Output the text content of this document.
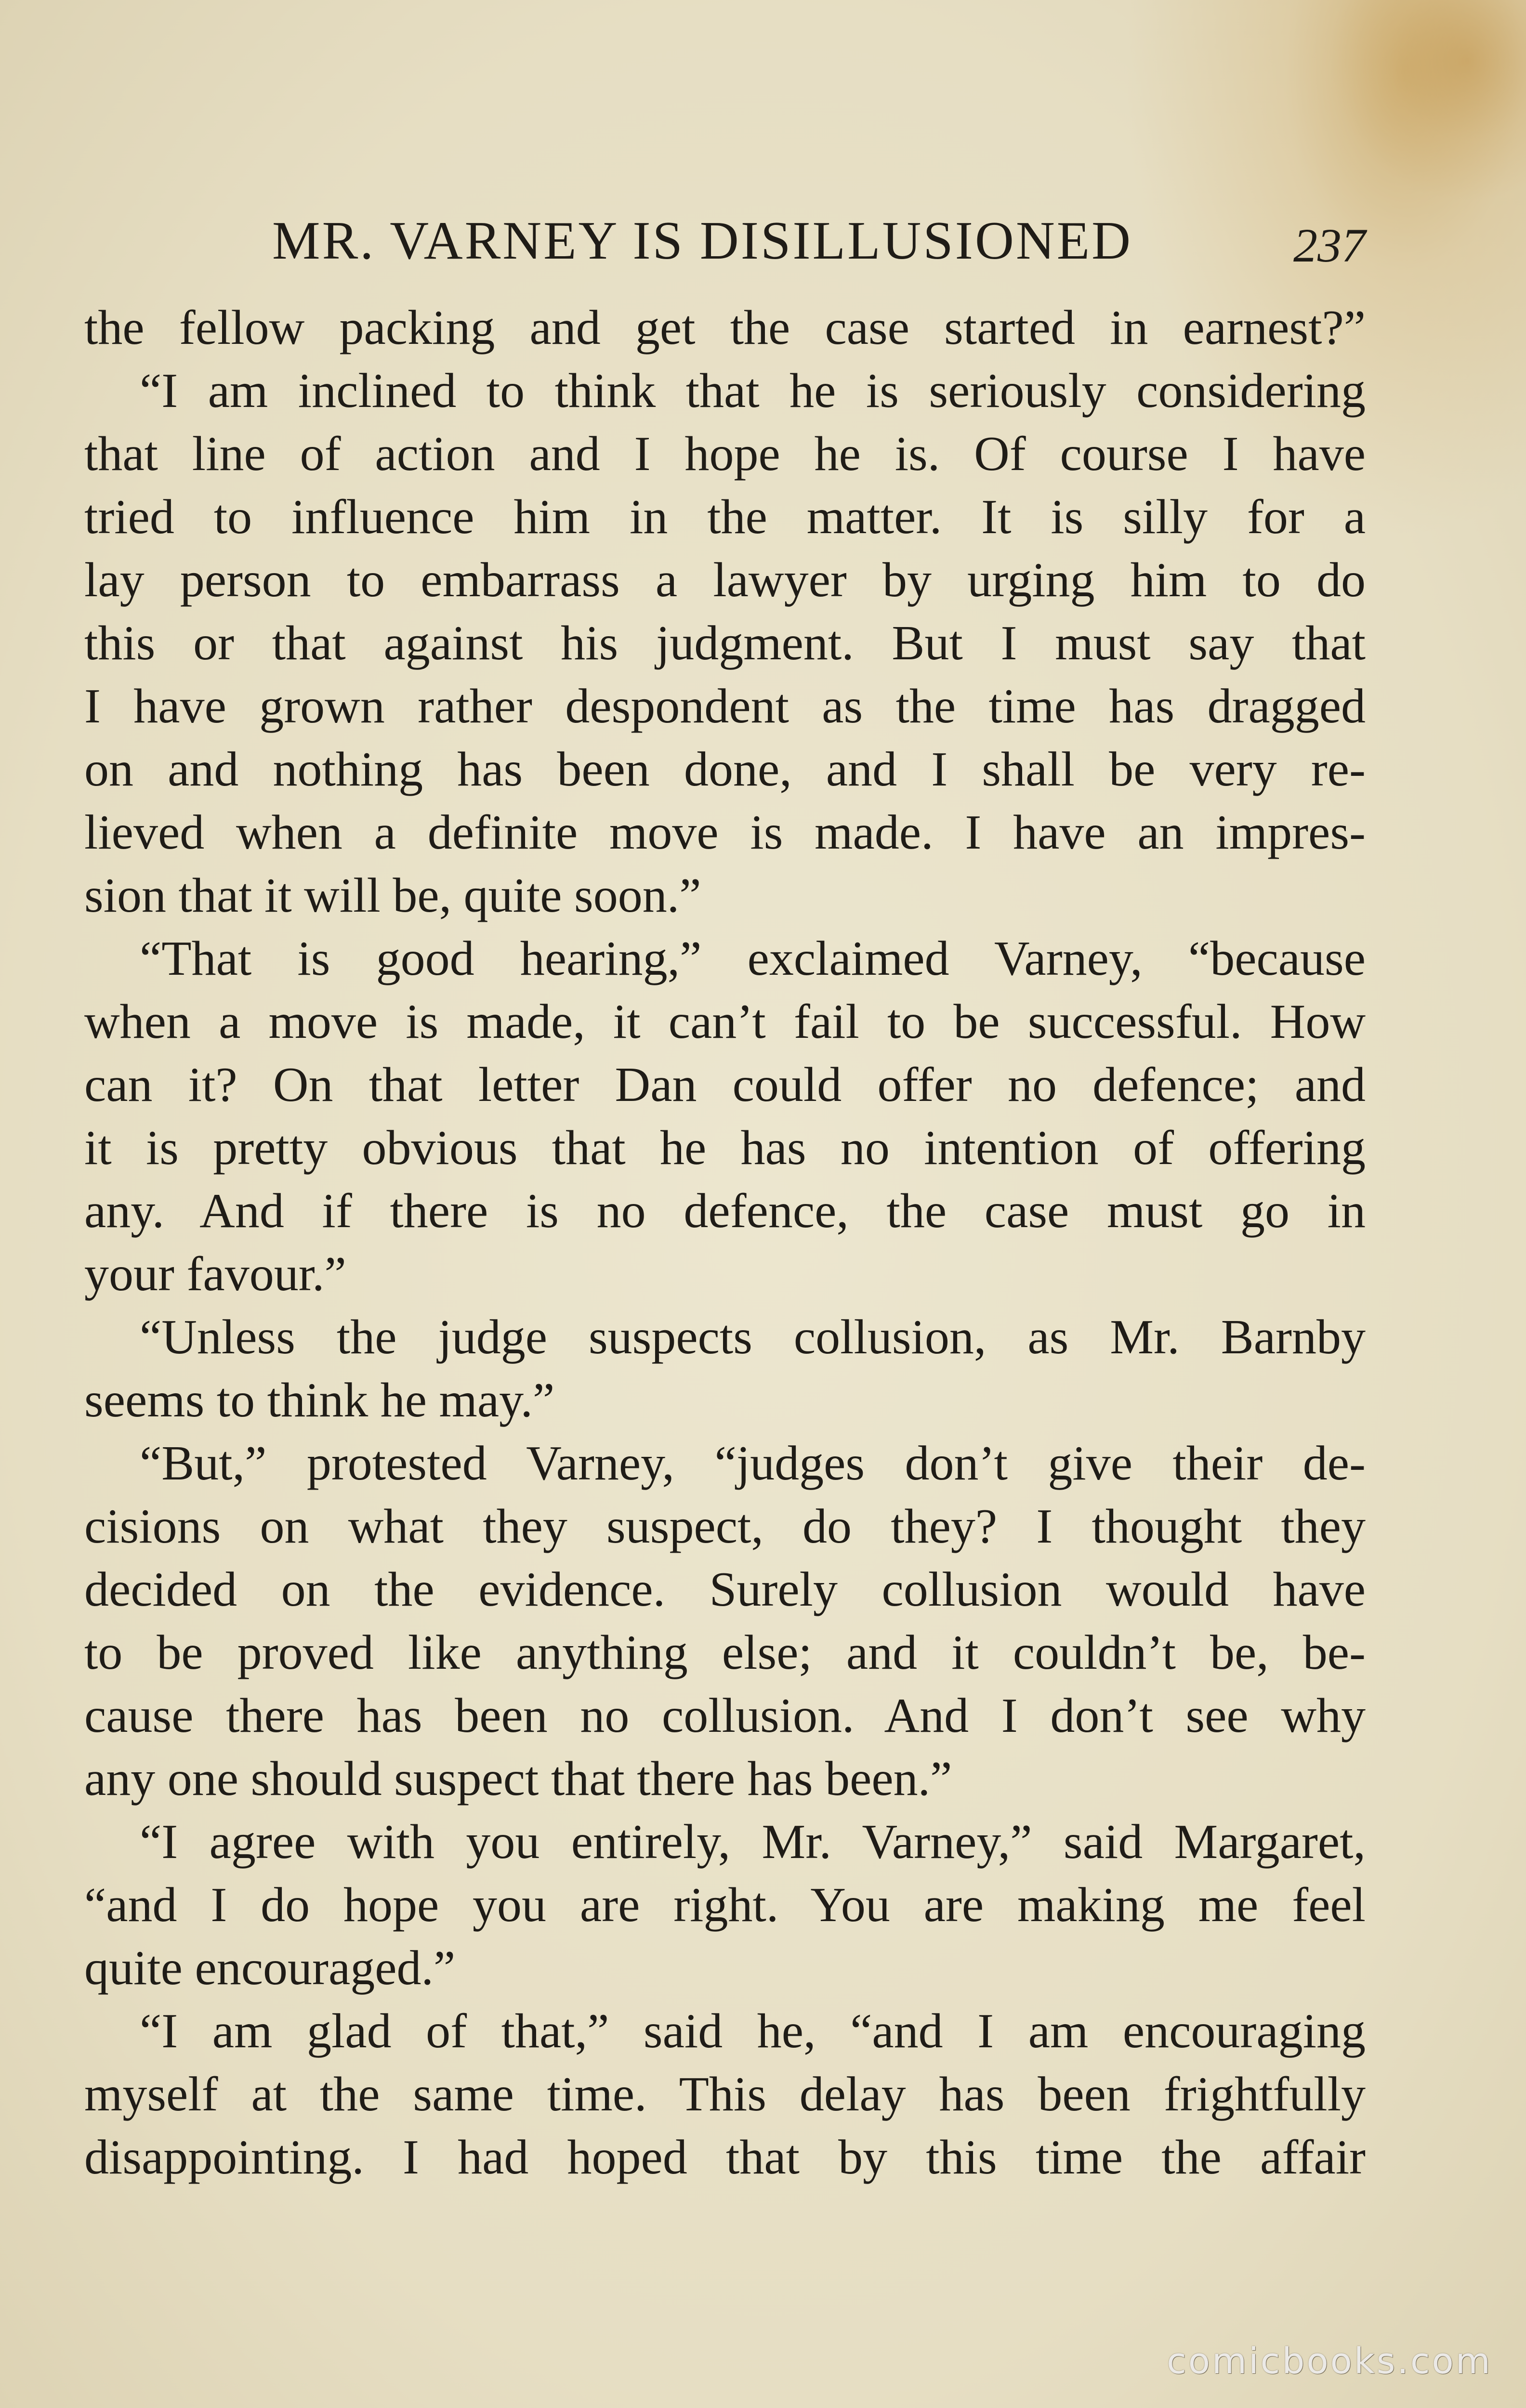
MR. VARNEY IS DISILLUSIONED	237
the fellow packing and get the case started in earnest?”
“I am inclined to think that he is seriously considering
that line of action and I hope he is. Of course I have
tried to influence him in the matter. It is silly for a
lay person to embarrass a lawyer by urging him to do
this or that against his judgment. But I must say that
I have grown rather despondent as the time has dragged
on and nothing has been done, and I shall be very re-
lieved when a definite move is made. I have an impres-
sion that it will be, quite soon.”
“That is good hearing,” exclaimed Varney, “because
when a move is made, it can’t fail to be successful. How
can it? On that letter Dan could offer no defence; and
it is pretty obvious that he has no intention of offering
any. And if there is no defence, the case must go in
your favour.”
“Unless the judge suspects collusion, as Mr. Barnby
seems to think he may.”
“But,” protested Varney, “judges don’t give their de-
cisions on what they suspect, do they? I thought they
decided on the evidence. Surely collusion would have
to be proved like anything else; and it couldn’t be, be-
cause there has been no collusion. And I don’t see why
any one should suspect that there has been.”
“I agree with you entirely, Mr. Varney,” said Margaret,
“and I do hope you are right. You are making me feel
quite encouraged.”
“I am glad of that,” said he, “and I am encouraging
myself at the same time. This delay has been frightfully
disappointing. I had hoped that by this time the affair
comicbooks.com
